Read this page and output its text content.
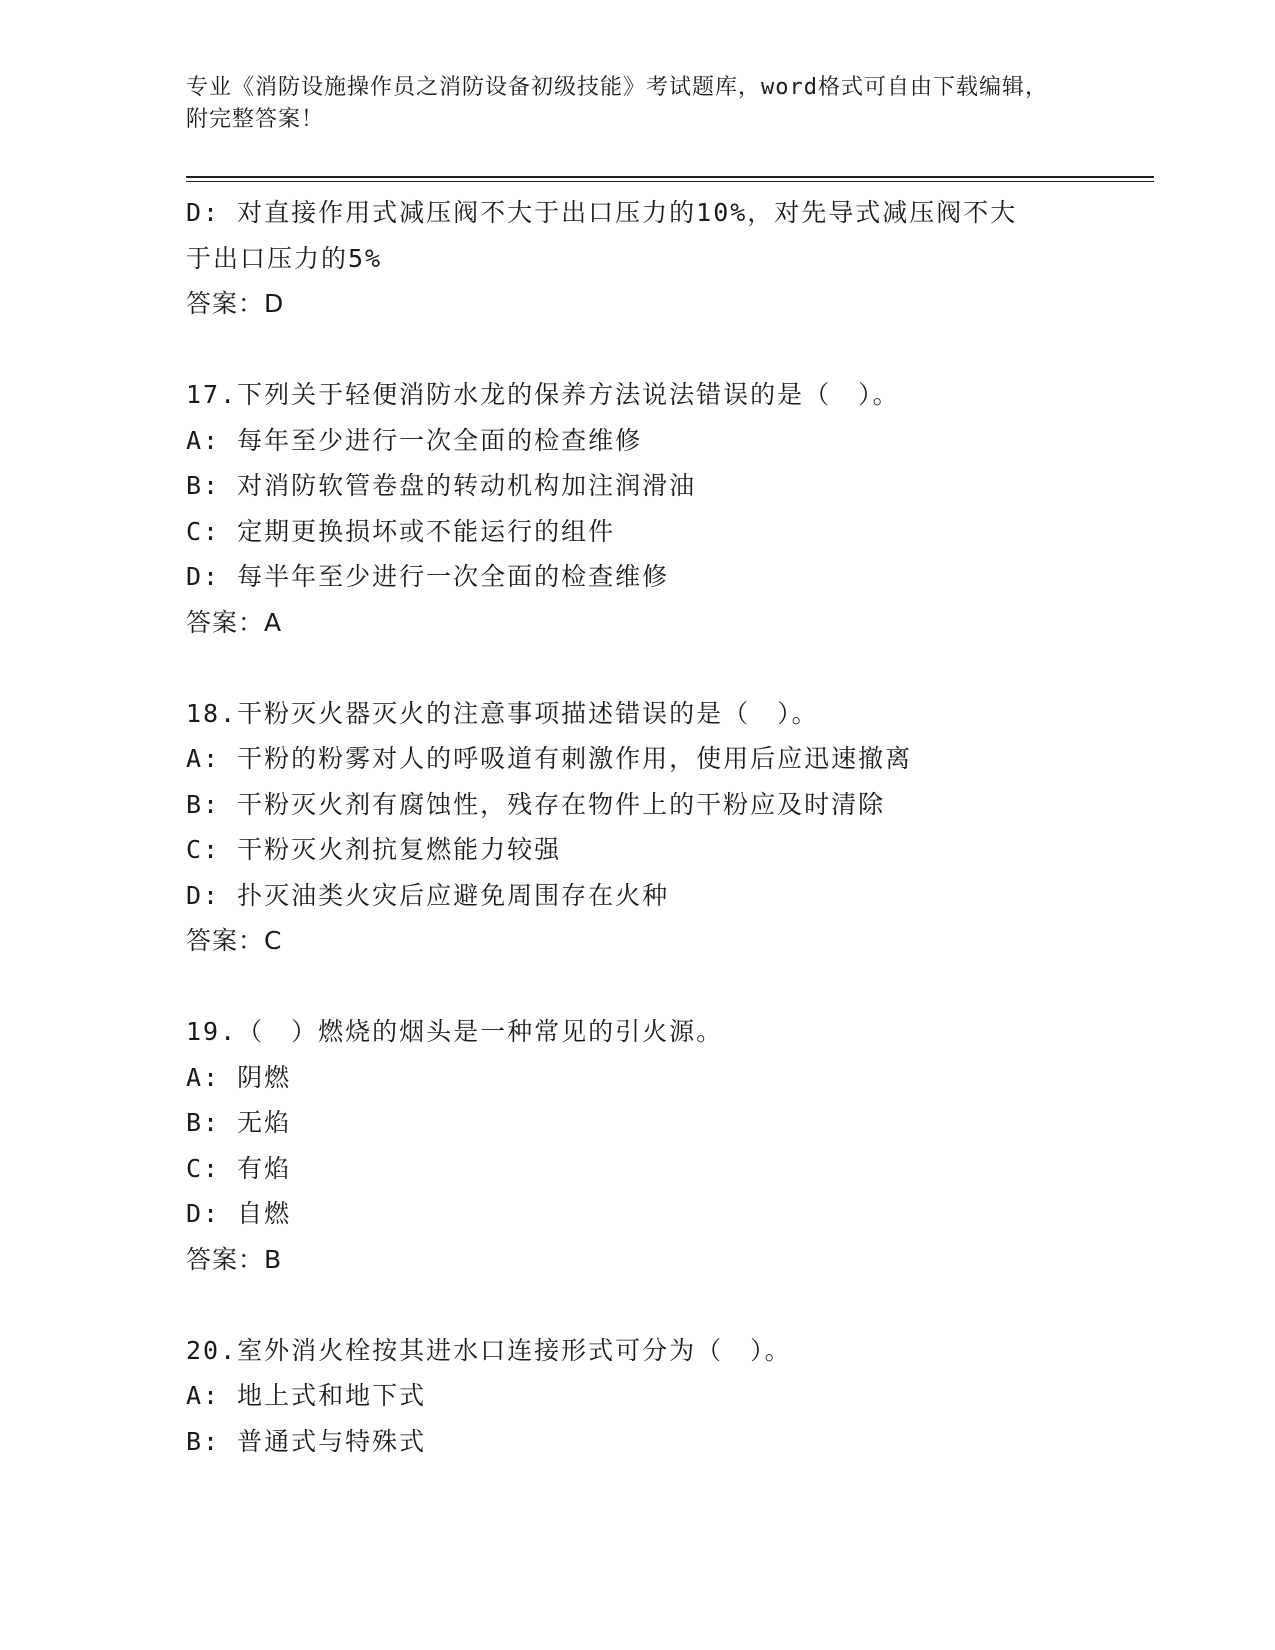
专业《消防设施操作员之消防设备初级技能》考试题库，word格式可自由下载编辑，附完整答案！
D: 对直接作用式减压阀不大于出口压力的10%，对先导式减压阀不大
于出口压力的5%
答案：D
17.下列关于轻便消防水龙的保养方法说法错误的是（　）。
A: 每年至少进行一次全面的检查维修
B: 对消防软管卷盘的转动机构加注润滑油
C: 定期更换损坏或不能运行的组件
D: 每半年至少进行一次全面的检查维修
答案：A
18.干粉灭火器灭火的注意事项描述错误的是（　）。
A: 干粉的粉雾对人的呼吸道有刺激作用，使用后应迅速撤离
B: 干粉灭火剂有腐蚀性，残存在物件上的干粉应及时清除
C: 干粉灭火剂抗复燃能力较强
D: 扑灭油类火灾后应避免周围存在火种
答案：C
19.（　）燃烧的烟头是一种常见的引火源。
A: 阴燃
B: 无焰
C: 有焰
D: 自燃
答案：B
20.室外消火栓按其进水口连接形式可分为（　）。
A: 地上式和地下式
B: 普通式与特殊式
